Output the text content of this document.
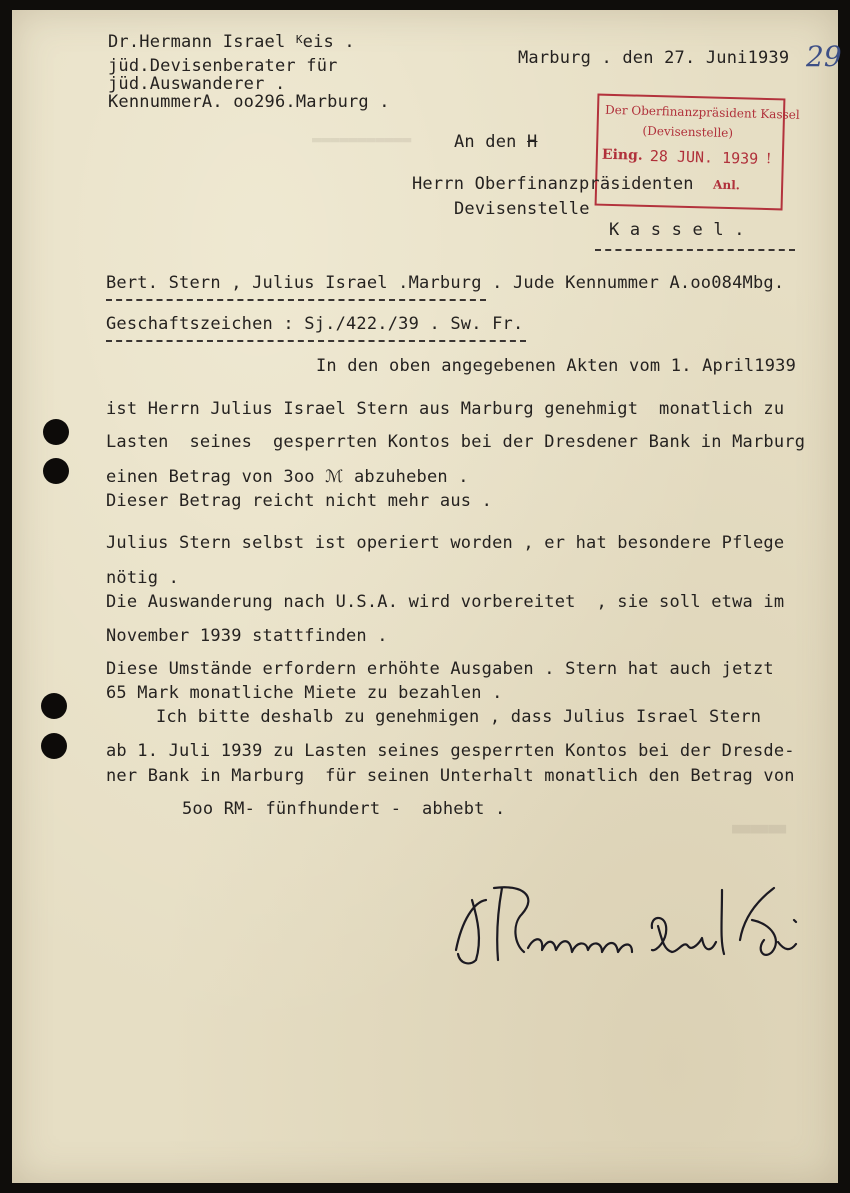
▬▬▬▬▬▬▬▬▬▬▬
▬▬▬
Dr.Hermann Israel $^K$eis .
jüd.Devisenberater für
jüd.Auswanderer .
KennummerA. oo296.Marburg .
Marburg . den 27. Juni1939 29
Der Oberfinanzpräsident Kassel
(Devisenstelle)
Eing. 28 JUN. 1939 !
Anl.
An den H
Herrn Oberfinanzpräsidenten
Devisenstelle
K a s s e l .
Bert. Stern , Julius Israel .Marburg . Jude Kennummer A.oo084Mbg.
Geschaftszeichen : Sj./422./39 . Sw. Fr.
In den oben angegebenen Akten vom 1. April1939
ist Herrn Julius Israel Stern aus Marburg genehmigt  monatlich zu
Lasten  seines  gesperrten Kontos bei der Dresdener Bank in Marburg
einen Betrag von 3oo ℳ abzuheben .
Dieser Betrag reicht nicht mehr aus .
Julius Stern selbst ist operiert worden , er hat besondere Pflege
nötig .
Die Auswanderung nach U.S.A. wird vorbereitet  , sie soll etwa im
November 1939 stattfinden .
Diese Umstände erfordern erhöhte Ausgaben . Stern hat auch jetzt
65 Mark monatliche Miete zu bezahlen .
Ich bitte deshalb zu genehmigen , dass Julius Israel Stern
ab 1. Juli 1939 zu Lasten seines gesperrten Kontos bei der Dresde-
ner Bank in Marburg  für seinen Unterhalt monatlich den Betrag von
5oo RM- fünfhundert -  abhebt .
